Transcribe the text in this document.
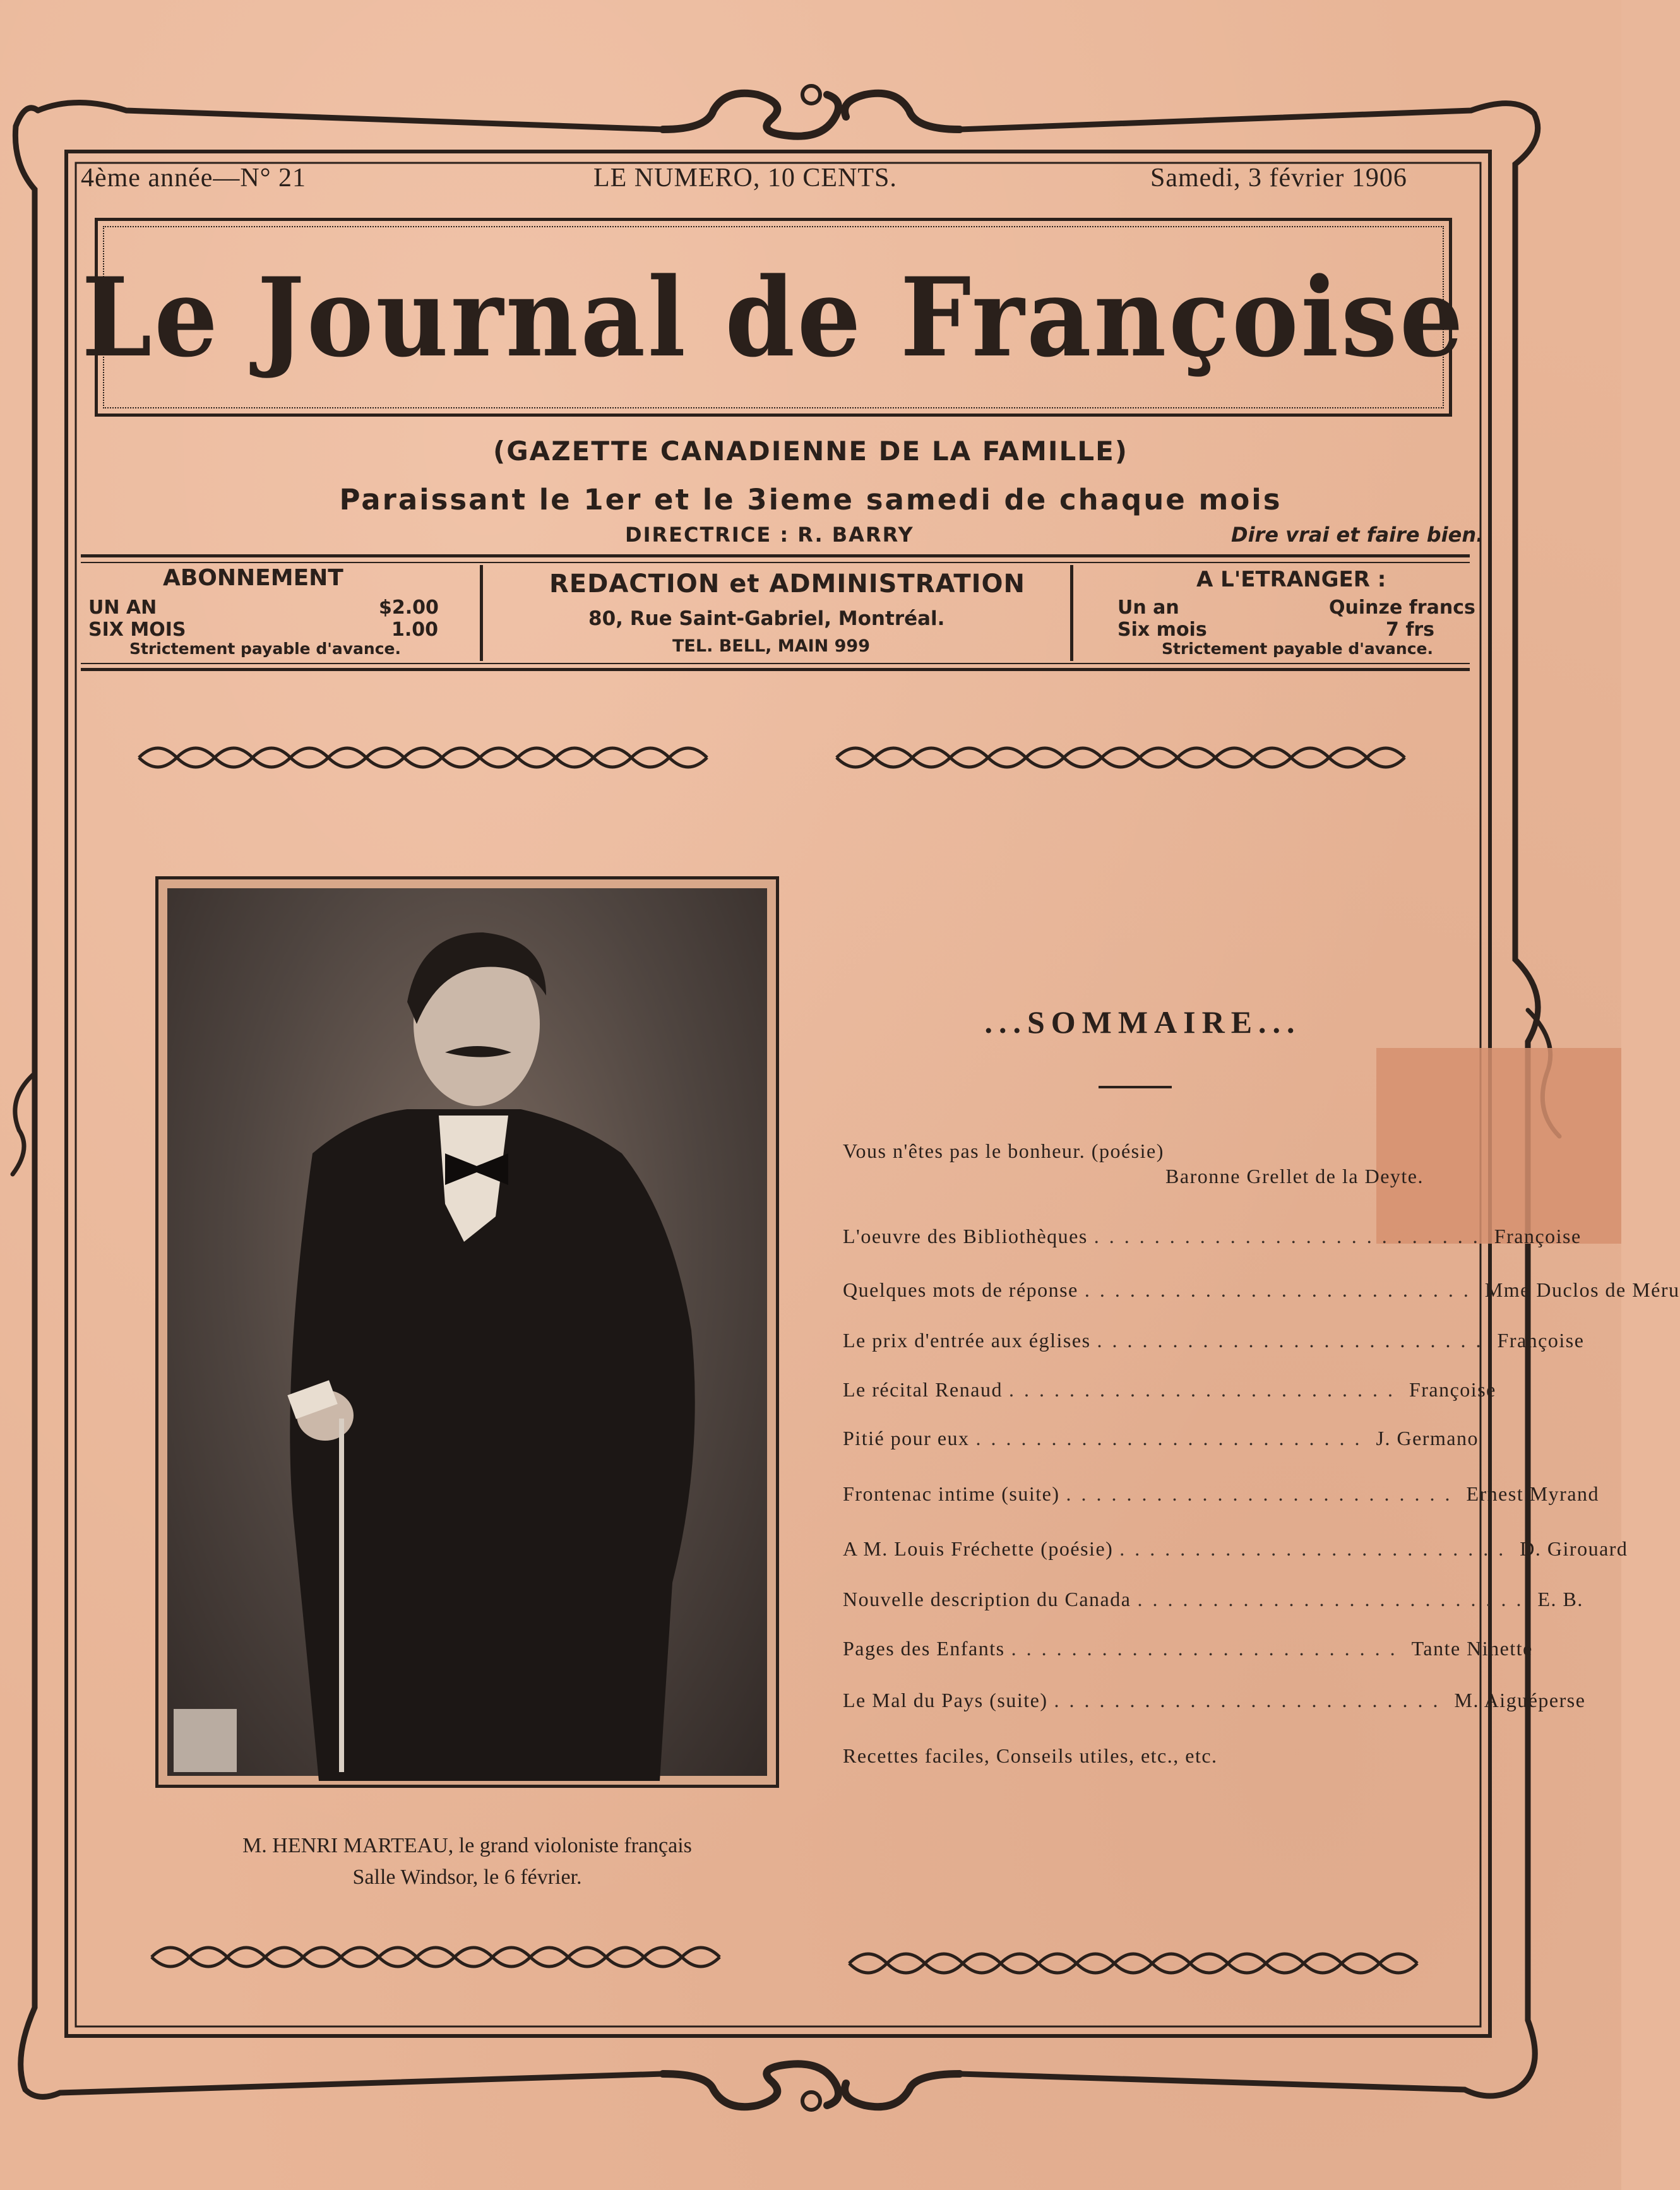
4ème année—N° 21	LE NUMERO, 10 CENTS.	Samedi, 3 février 1906
Le Journal de Françoise
(GAZETTE CANADIENNE DE LA FAMILLE)
Paraissant le 1er et le 3ieme samedi de chaque mois
DIRECTRICE : R. BARRY	Dire vrai et faire bien.
ABONNEMENT
UN AN	$2.00
SIX MOIS	1.00
Strictement payable d'avance.
REDACTION et ADMINISTRATION
80, Rue Saint-Gabriel, Montréal.
TEL. BELL, MAIN 999
A L'ETRANGER :
Un an	Quinze francs
Six mois	7 frs
Strictement payable d'avance.
M. HENRI MARTEAU, le grand violoniste français
Salle Windsor, le 6 février.
...SOMMAIRE...
Vous n'êtes pas le bonheur. (poésie)
Baronne Grellet de la Deyte.
L'oeuvre des Bibliothèques .......................... Françoise
Quelques mots de réponse .......................... Mme Duclos de Méru
Le prix d'entrée aux églises .......................... Françoise
Le récital Renaud .......................... Françoise
Pitié pour eux .......................... J. Germano
Frontenac intime (suite) .......................... Ernest Myrand
A M. Louis Fréchette (poésie) .......................... D. Girouard
Nouvelle description du Canada .......................... E. B.
Pages des Enfants .......................... Tante Ninette
Le Mal du Pays (suite) .......................... M. Aiguéperse
Recettes faciles, Conseils utiles, etc., etc.
